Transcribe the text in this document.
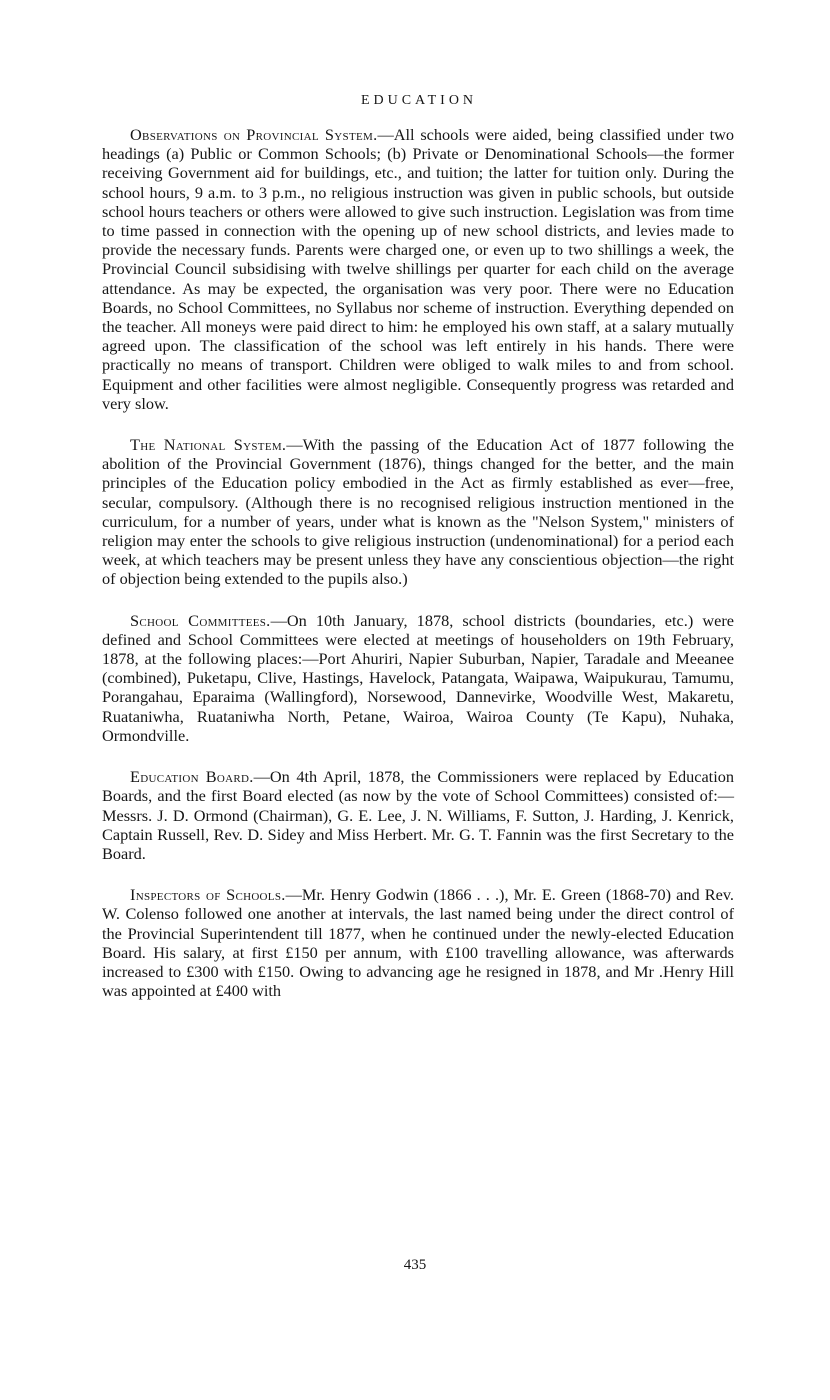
EDUCATION

Observations on Provincial System.—All schools were aided, being classified under two headings (a) Public or Common Schools; (b) Private or Denominational Schools—the former receiving Government aid for buildings, etc., and tuition; the latter for tuition only. During the school hours, 9 a.m. to 3 p.m., no religious instruction was given in public schools, but outside school hours teachers or others were allowed to give such instruction. Legislation was from time to time passed in connection with the opening up of new school districts, and levies made to provide the necessary funds. Parents were charged one, or even up to two shillings a week, the Provincial Council subsidising with twelve shillings per quarter for each child on the average attendance. As may be expected, the organisation was very poor. There were no Education Boards, no School Committees, no Syllabus nor scheme of instruction. Everything depended on the teacher. All moneys were paid direct to him: he employed his own staff, at a salary mutually agreed upon. The classification of the school was left entirely in his hands. There were practically no means of transport. Children were obliged to walk miles to and from school. Equipment and other facilities were almost negligible. Consequently progress was retarded and very slow.

The National System.—With the passing of the Education Act of 1877 following the abolition of the Provincial Government (1876), things changed for the better, and the main principles of the Education policy embodied in the Act as firmly established as ever—free, secular, compulsory. (Although there is no recognised religious instruction mentioned in the curriculum, for a number of years, under what is known as the "Nelson System," ministers of religion may enter the schools to give religious instruction (undenominational) for a period each week, at which teachers may be present unless they have any conscientious objection—the right of objection being extended to the pupils also.)

School Committees.—On 10th January, 1878, school districts (boundaries, etc.) were defined and School Committees were elected at meetings of householders on 19th February, 1878, at the following places:—Port Ahuriri, Napier Suburban, Napier, Taradale and Meeanee (combined), Puketapu, Clive, Hastings, Havelock, Patangata, Waipawa, Waipukurau, Tamumu, Porangahau, Eparaima (Wallingford), Norsewood, Dannevirke, Woodville West, Makaretu, Ruataniwha, Ruataniwha North, Petane, Wairoa, Wairoa County (Te Kapu), Nuhaka, Ormondville.

Education Board.—On 4th April, 1878, the Commissioners were replaced by Education Boards, and the first Board elected (as now by the vote of School Committees) consisted of:—Messrs. J. D. Ormond (Chairman), G. E. Lee, J. N. Williams, F. Sutton, J. Harding, J. Kenrick, Captain Russell, Rev. D. Sidey and Miss Herbert. Mr. G. T. Fannin was the first Secretary to the Board.

Inspectors of Schools.—Mr. Henry Godwin (1866 . . .), Mr. E. Green (1868-70) and Rev. W. Colenso followed one another at intervals, the last named being under the direct control of the Provincial Superintendent till 1877, when he continued under the newly-elected Education Board. His salary, at first £150 per annum, with £100 travelling allowance, was afterwards increased to £300 with £150. Owing to advancing age he resigned in 1878, and Mr .Henry Hill was appointed at £400 with

435
